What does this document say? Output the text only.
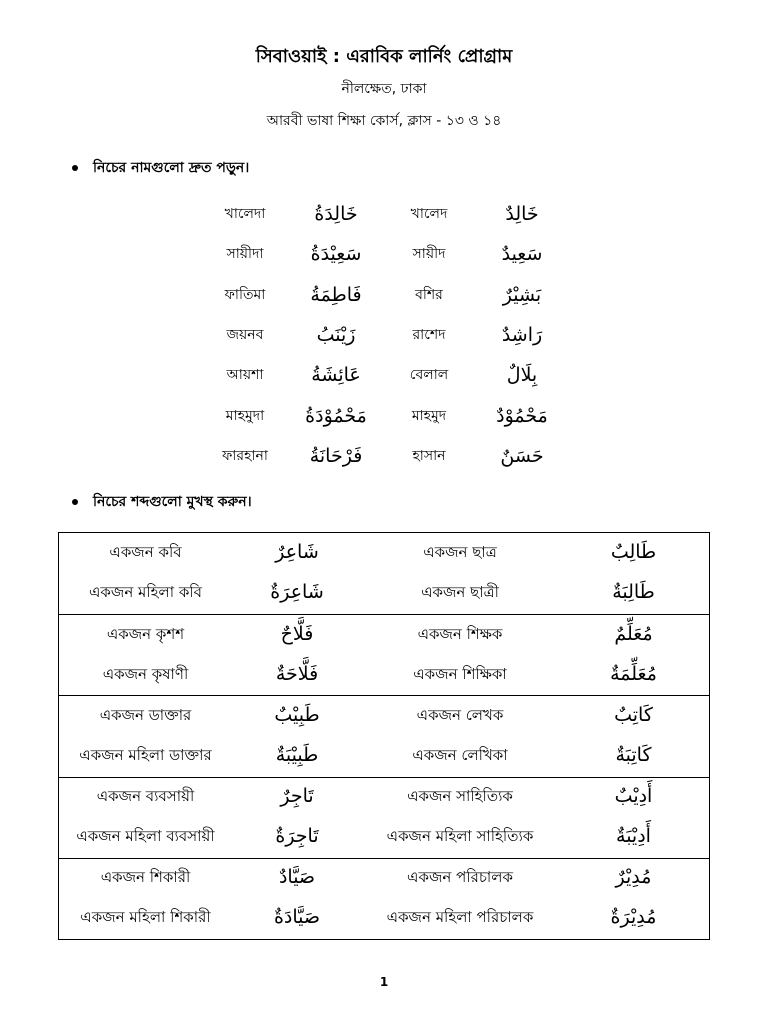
সিবাওয়াই : এরাবিক লার্নিং প্রোগ্রাম
নীলক্ষেত, ঢাকা
আরবী ভাষা শিক্ষা কোর্স, ক্লাস - ১৩ ও ১৪
নিচের নামগুলো দ্রুত পড়ুন।
খালেদা	خَالِدَةُ	খালেদ	خَالِدٌ
সায়ীদা سَعِيْدَةُ	সায়ীদ	سَعِيدٌ
ফাতিমা فَاطِمَةُ	বশির	بَشِيْرٌ
জয়নব	زَيْنَبُ	রাশেদ	رَاشِدٌ
আয়শা	عَائِشَةُ	বেলাল	بِلَالٌ
মাহমুদা مَحْمُوْدَةُ	মাহমুদ	مَحْمُوْدٌ
ফারহানা فَرْحَانَةُ	হাসান	حَسَنٌ
নিচের শব্দগুলো মুখস্থ করুন।
একজন কবি	شَاعِرٌ	একজন ছাত্র	طَالِبٌ
একজন মহিলা কবি	شَاعِرَةٌ	একজন ছাত্রী	طَالِبَةٌ
একজন কৃশশ	فَلَّاحٌ	একজন শিক্ষক	مُعَلِّمٌ
একজন কৃষাণী	فَلَّاحَةٌ	একজন শিক্ষিকা	مُعَلِّمَةٌ
একজন ডাক্তার	طَبِيْبٌ	একজন লেখক	كَاتِبٌ
একজন মহিলা ডাক্তার	طَبِيْبَةٌ	একজন লেখিকা	كَاتِبَةٌ
একজন ব্যবসায়ী	تَاجِرٌ	একজন সাহিত্যিক	أَدِيْبٌ
একজন মহিলা ব্যবসায়ী	تَاجِرَةٌ	একজন মহিলা সাহিত্যিক	أَدِيْبَةٌ
একজন শিকারী	صَيَّادٌ	একজন পরিচালক	مُدِيْرٌ
একজন মহিলা শিকারী	صَيَّادَةٌ	একজন মহিলা পরিচালক	مُدِيْرَةٌ
1
